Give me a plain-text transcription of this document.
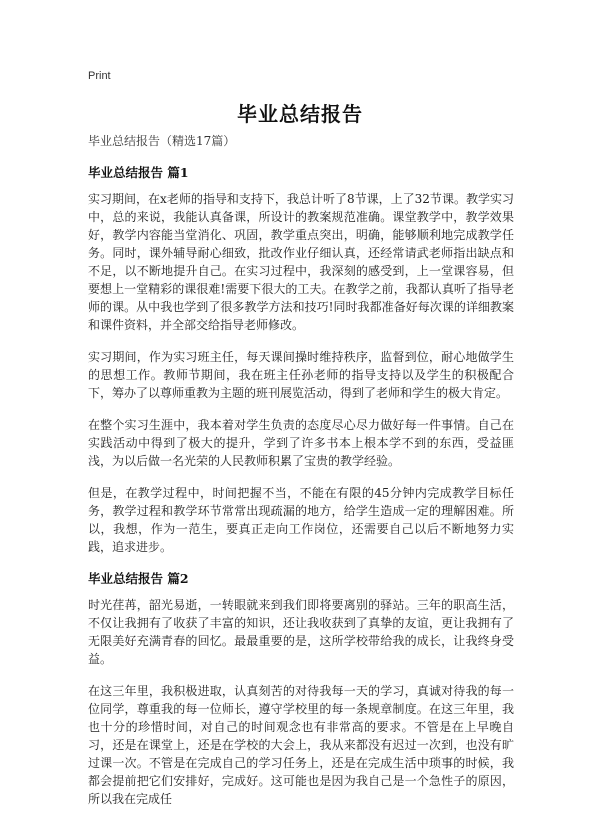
Print
毕业总结报告

毕业总结报告（精选17篇）

毕业总结报告 篇1

实习期间，在x老师的指导和支持下，我总计听了8节课，上了32节课。教学实习中，总的来说，我能认真备课，所设计的教案规范准确。课堂教学中，教学效果好，教学内容能当堂消化、巩固，教学重点突出，明确，能够顺利地完成教学任务。同时，课外辅导耐心细致，批改作业仔细认真，还经常请武老师指出缺点和不足，以不断地提升自己。在实习过程中，我深刻的感受到，上一堂课容易，但要想上一堂精彩的课很难!需要下很大的工夫。在教学之前，我都认真听了指导老师的课。从中我也学到了很多教学方法和技巧!同时我都准备好每次课的详细教案和课件资料，并全部交给指导老师修改。

实习期间，作为实习班主任，每天课间操时维持秩序，监督到位，耐心地做学生的思想工作。教师节期间，我在班主任孙老师的指导支持以及学生的积极配合下，筹办了以尊师重教为主题的班刊展览活动，得到了老师和学生的极大肯定。

在整个实习生涯中，我本着对学生负责的态度尽心尽力做好每一件事情。自己在实践活动中得到了极大的提升，学到了许多书本上根本学不到的东西，受益匪浅，为以后做一名光荣的人民教师积累了宝贵的教学经验。

但是，在教学过程中，时间把握不当，不能在有限的45分钟内完成教学目标任务，教学过程和教学环节常常出现疏漏的地方，给学生造成一定的理解困难。所以，我想，作为一范生，要真正走向工作岗位，还需要自己以后不断地努力实践，追求进步。

毕业总结报告 篇2

时光荏苒，韶光易逝，一转眼就来到我们即将要离别的驿站。三年的职高生活，不仅让我拥有了收获了丰富的知识，还让我收获到了真挚的友谊，更让我拥有了无限美好充满青春的回忆。最最重要的是，这所学校带给我的成长，让我终身受益。

在这三年里，我积极进取，认真刻苦的对待我每一天的学习，真诚对待我的每一位同学，尊重我的每一位师长，遵守学校里的每一条规章制度。在这三年里，我也十分的珍惜时间，对自己的时间观念也有非常高的要求。不管是在上早晚自习，还是在课堂上，还是在学校的大会上，我从来都没有迟过一次到，也没有旷过课一次。不管是在完成自己的学习任务上，还是在完成生活中琐事的时候，我都会提前把它们安排好，完成好。这可能也是因为我自己是一个急性子的原因，所以我在完成任
